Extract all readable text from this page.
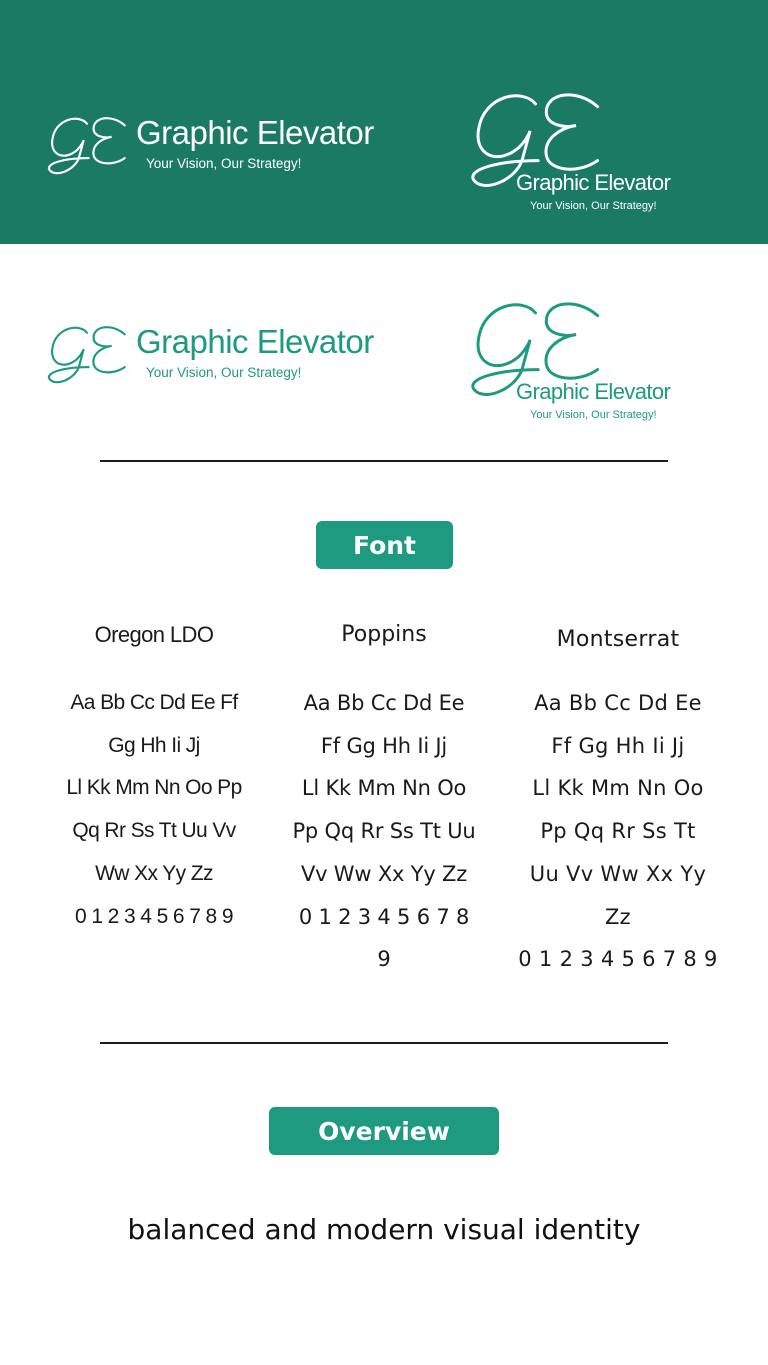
Graphic Elevator
Your Vision, Our Strategy!
Graphic Elevator
Your Vision, Our Strategy!
Graphic Elevator
Your Vision, Our Strategy!
Graphic Elevator
Your Vision, Our Strategy!
Font
Oregon LDO
Aa Bb Cc Dd Ee Ff
Gg Hh Ii Jj
Ll Kk Mm Nn Oo Pp
Qq Rr Ss Tt Uu Vv
Ww Xx Yy Zz
0 1 2 3 4 5 6 7 8 9
Poppins
Aa Bb Cc Dd Ee
Ff Gg Hh Ii Jj
Ll Kk Mm Nn Oo
Pp Qq Rr Ss Tt Uu
Vv Ww Xx Yy Zz
0 1 2 3 4 5 6 7 8
9
Montserrat
Aa Bb Cc Dd Ee
Ff Gg Hh Ii Jj
Ll Kk Mm Nn Oo
Pp Qq Rr Ss Tt
Uu Vv Ww Xx Yy
Zz
0 1 2 3 4 5 6 7 8 9
Overview
balanced and modern visual identity
